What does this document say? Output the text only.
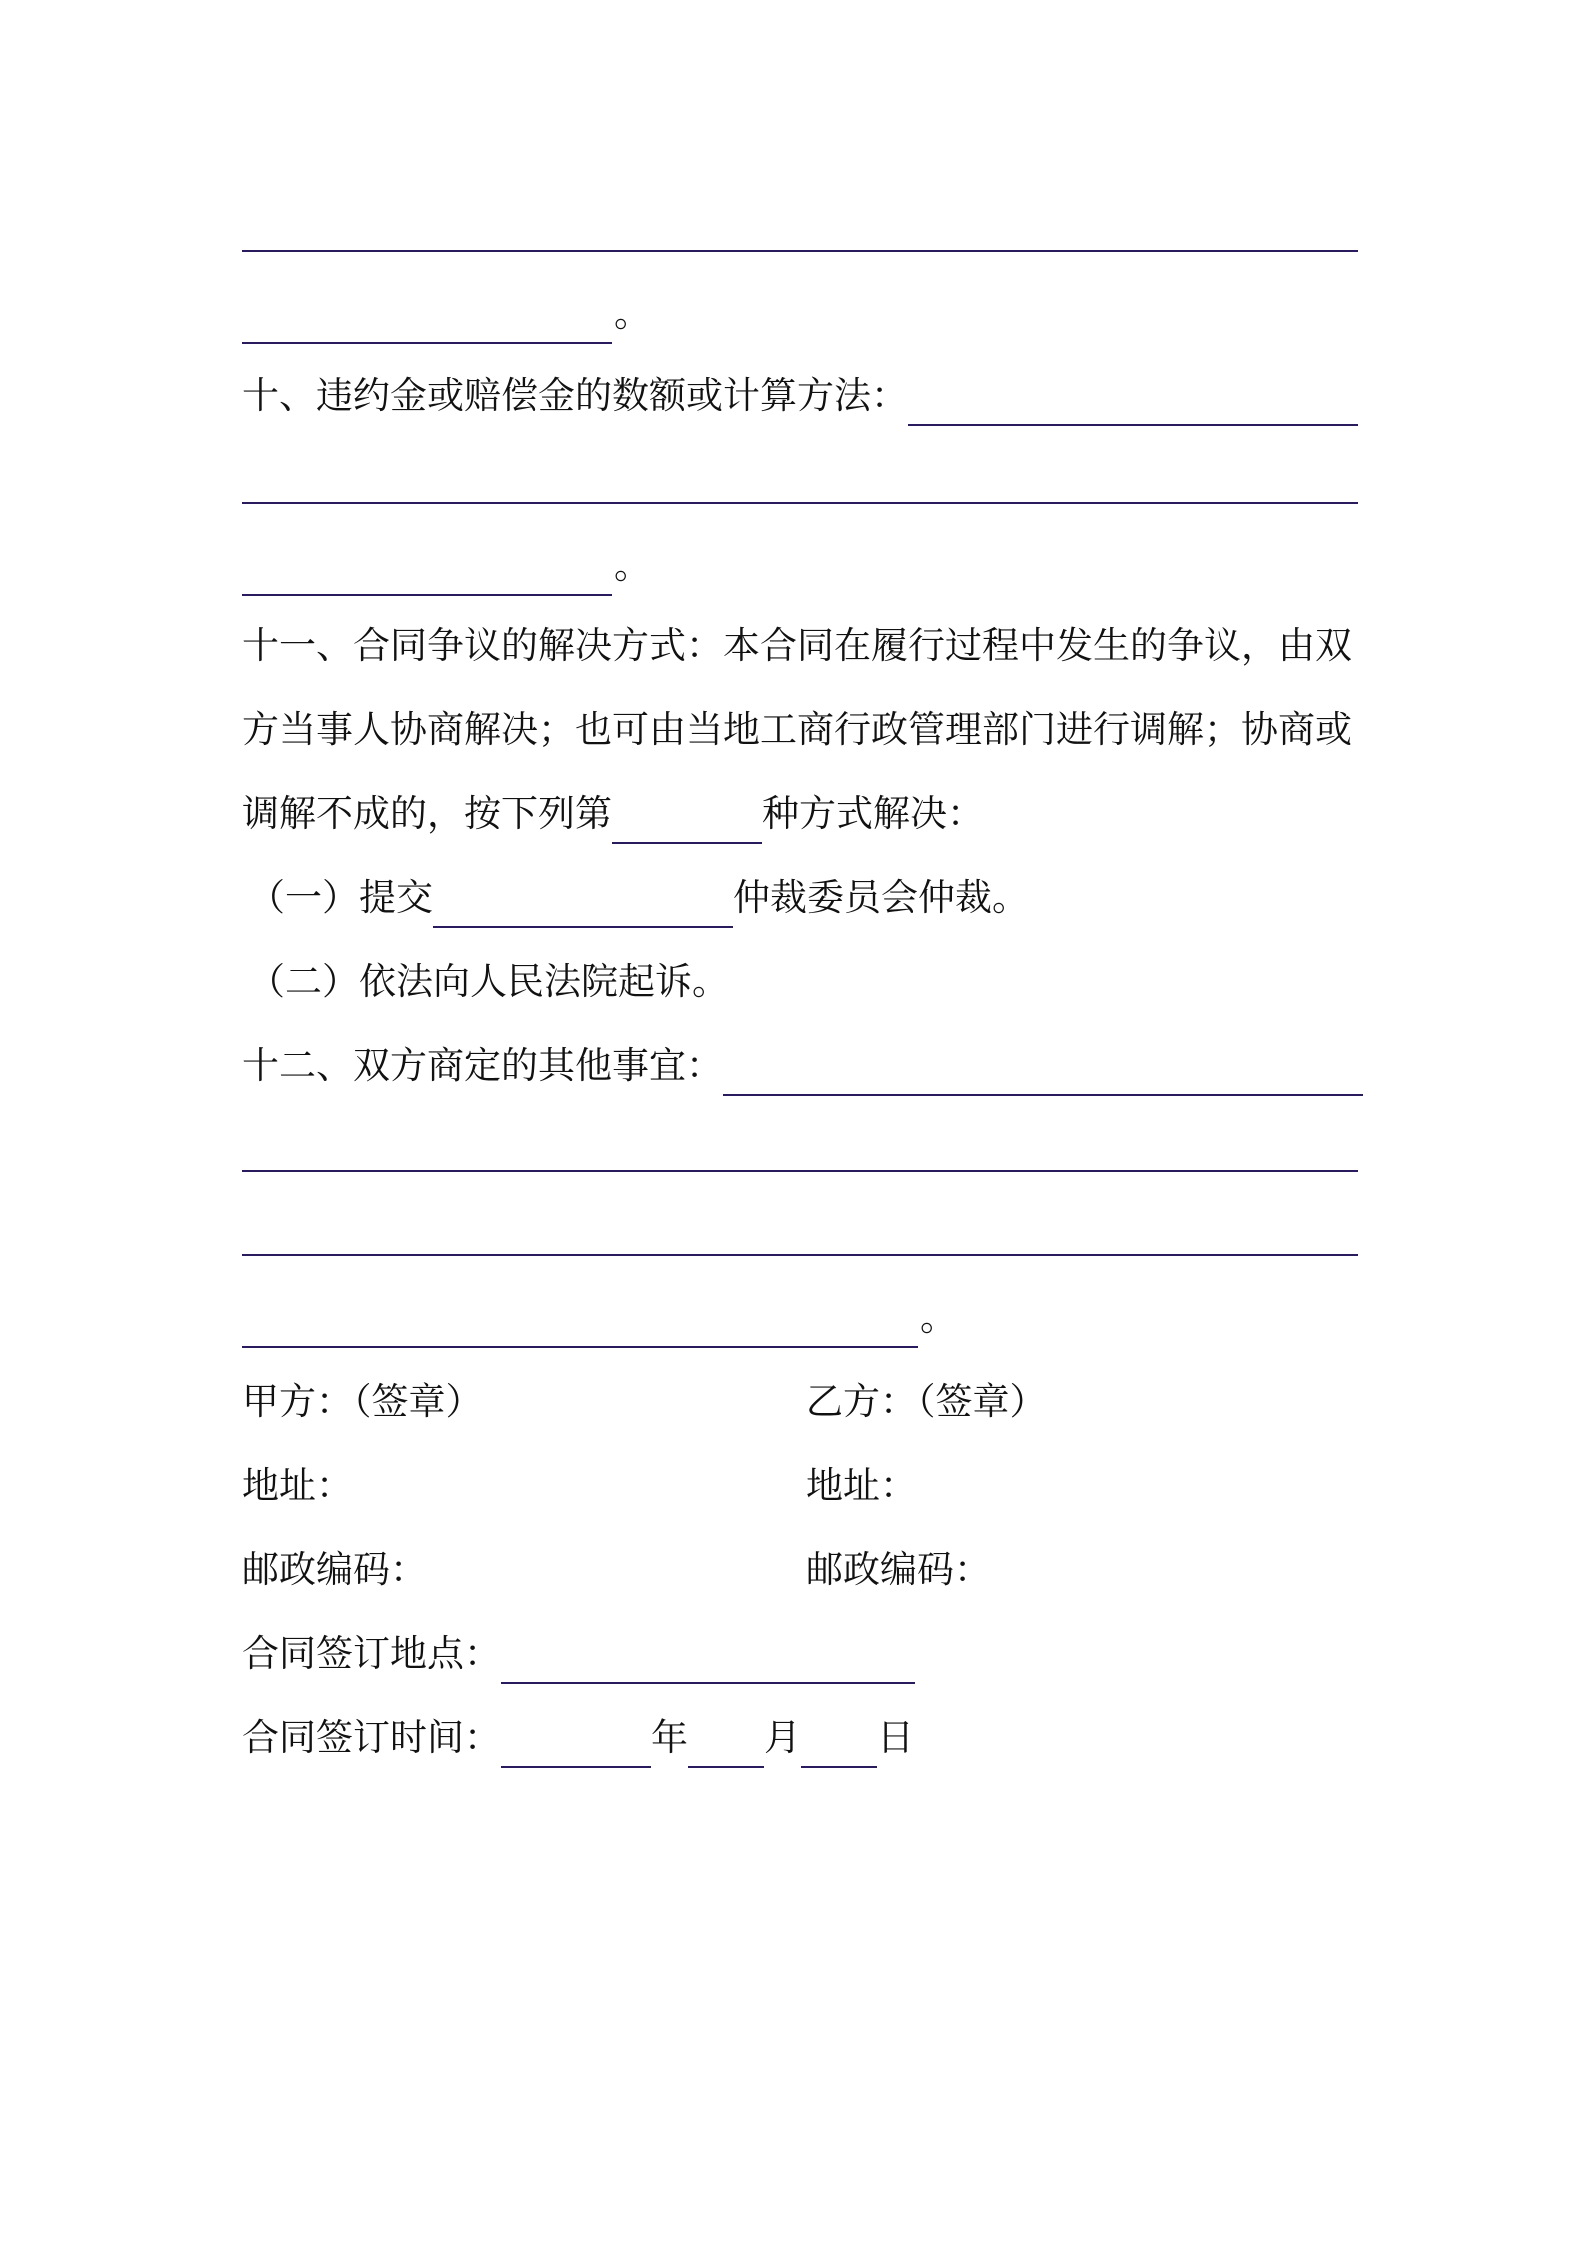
。
十、违约金或赔偿金的数额或计算方法：
。
十一、合同争议的解决方式：本合同在履行过程中发生的争议，由双
方当事人协商解决；也可由当地工商行政管理部门进行调解；协商或
调解不成的，按下列第	种方式解决：
（一）提交	仲裁委员会仲裁。
（二）依法向人民法院起诉。
十二、双方商定的其他事宜：
。
甲方：（签章）	乙方：（签章）
地址：	地址：
邮政编码：	邮政编码：
合同签订地点：
合同签订时间：	年 月 日
